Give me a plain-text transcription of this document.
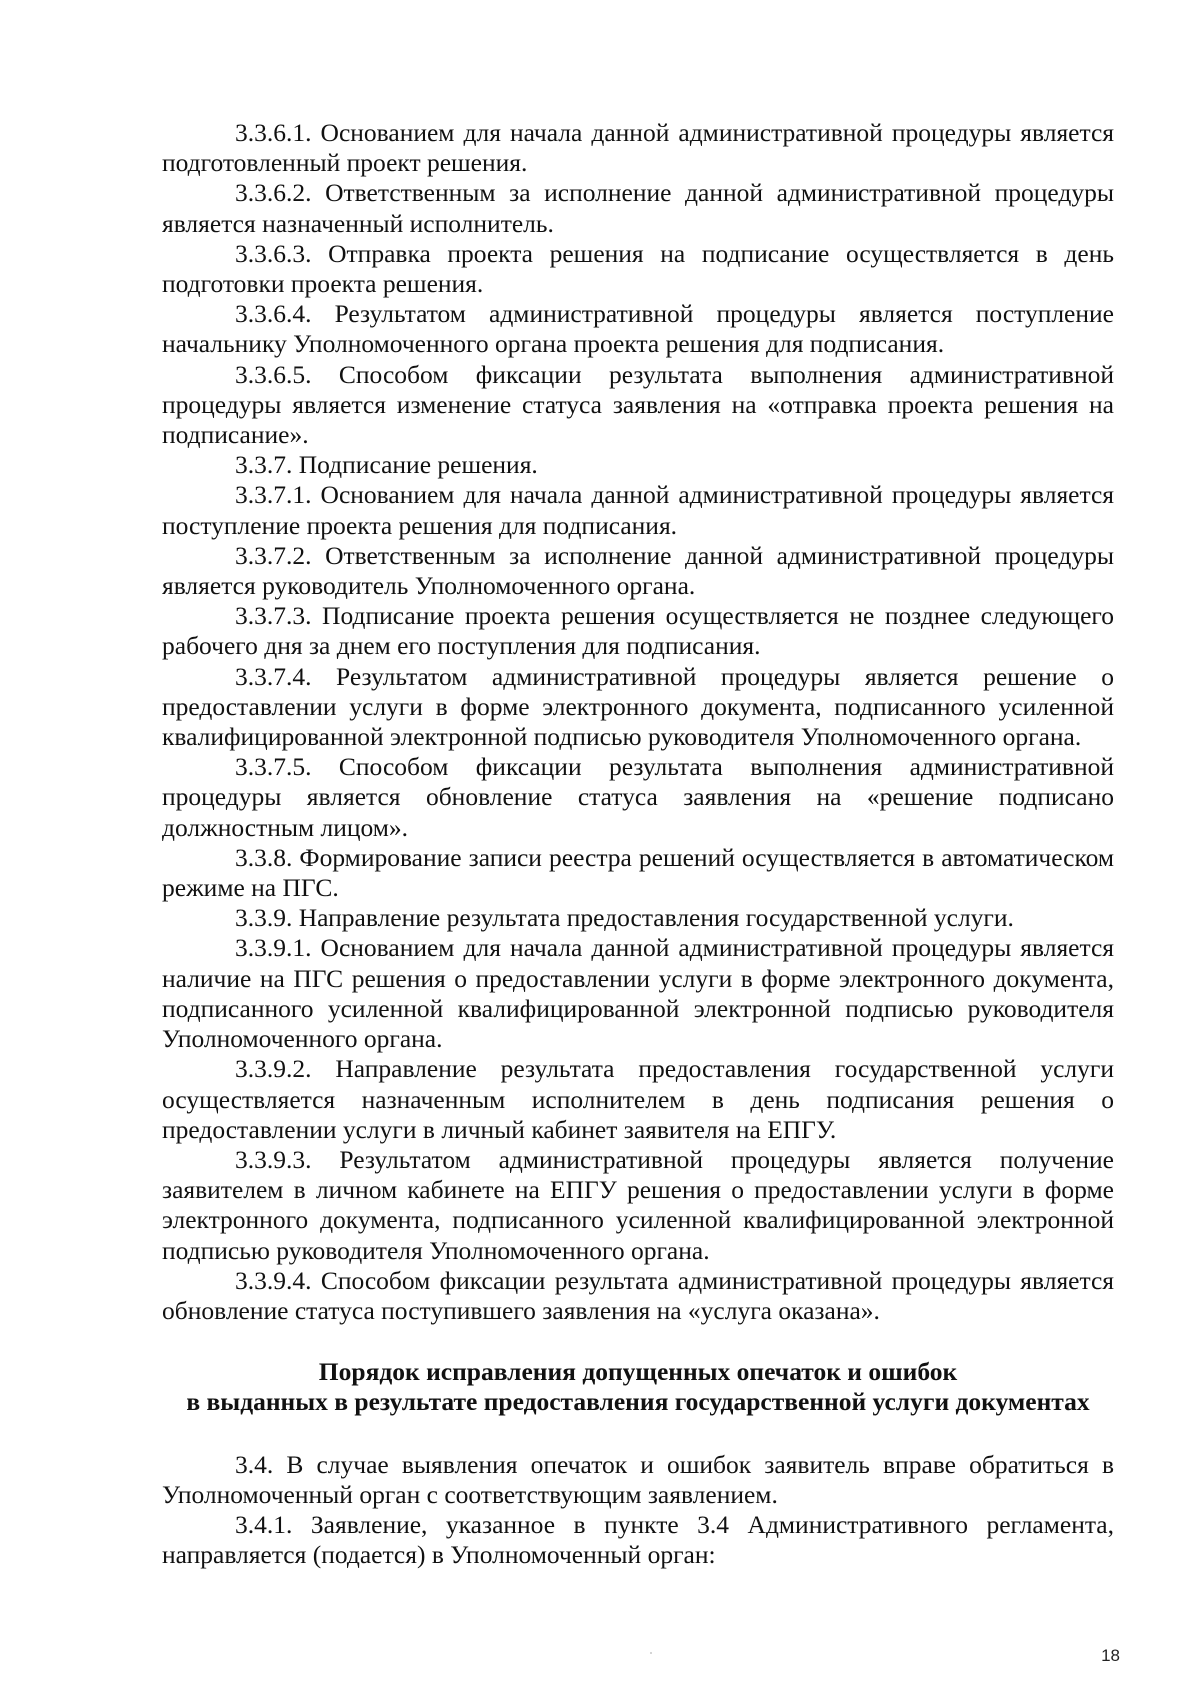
3.3.6.1. Основанием для начала данной административной процедуры является подготовленный проект решения.

3.3.6.2. Ответственным за исполнение данной административной процедуры является назначенный исполнитель.

3.3.6.3. Отправка проекта решения на подписание осуществляется в день подготовки проекта решения.

3.3.6.4. Результатом административной процедуры является поступление начальнику Уполномоченного органа проекта решения для подписания.

3.3.6.5. Способом фиксации результата выполнения административной процедуры является изменение статуса заявления на «отправка проекта решения на подписание».

3.3.7. Подписание решения.

3.3.7.1. Основанием для начала данной административной процедуры является поступление проекта решения для подписания.

3.3.7.2. Ответственным за исполнение данной административной процедуры является руководитель Уполномоченного органа.

3.3.7.3. Подписание проекта решения осуществляется не позднее следующего рабочего дня за днем его поступления для подписания.

3.3.7.4. Результатом административной процедуры является решение о предоставлении услуги в форме электронного документа, подписанного усиленной квалифицированной электронной подписью руководителя Уполномоченного органа.

3.3.7.5. Способом фиксации результата выполнения административной процедуры является обновление статуса заявления на «решение подписано должностным лицом».

3.3.8. Формирование записи реестра решений осуществляется в автоматическом режиме на ПГС.

3.3.9. Направление результата предоставления государственной услуги.

3.3.9.1. Основанием для начала данной административной процедуры является наличие на ПГС решения о предоставлении услуги в форме электронного документа, подписанного усиленной квалифицированной электронной подписью руководителя Уполномоченного органа.

3.3.9.2. Направление результата предоставления государственной услуги осуществляется назначенным исполнителем в день подписания решения о предоставлении услуги в личный кабинет заявителя на ЕПГУ.

3.3.9.3. Результатом административной процедуры является получение заявителем в личном кабинете на ЕПГУ решения о предоставлении услуги в форме электронного документа, подписанного усиленной квалифицированной электронной подписью руководителя Уполномоченного органа.

3.3.9.4. Способом фиксации результата административной процедуры является обновление статуса поступившего заявления на «услуга оказана».

Порядок исправления допущенных опечаток и ошибок
в выданных в результате предоставления государственной услуги документах

3.4. В случае выявления опечаток и ошибок заявитель вправе обратиться в Уполномоченный орган с соответствующим заявлением.

3.4.1. Заявление, указанное в пункте 3.4 Административного регламента, направляется (подается) в Уполномоченный орган:

18
